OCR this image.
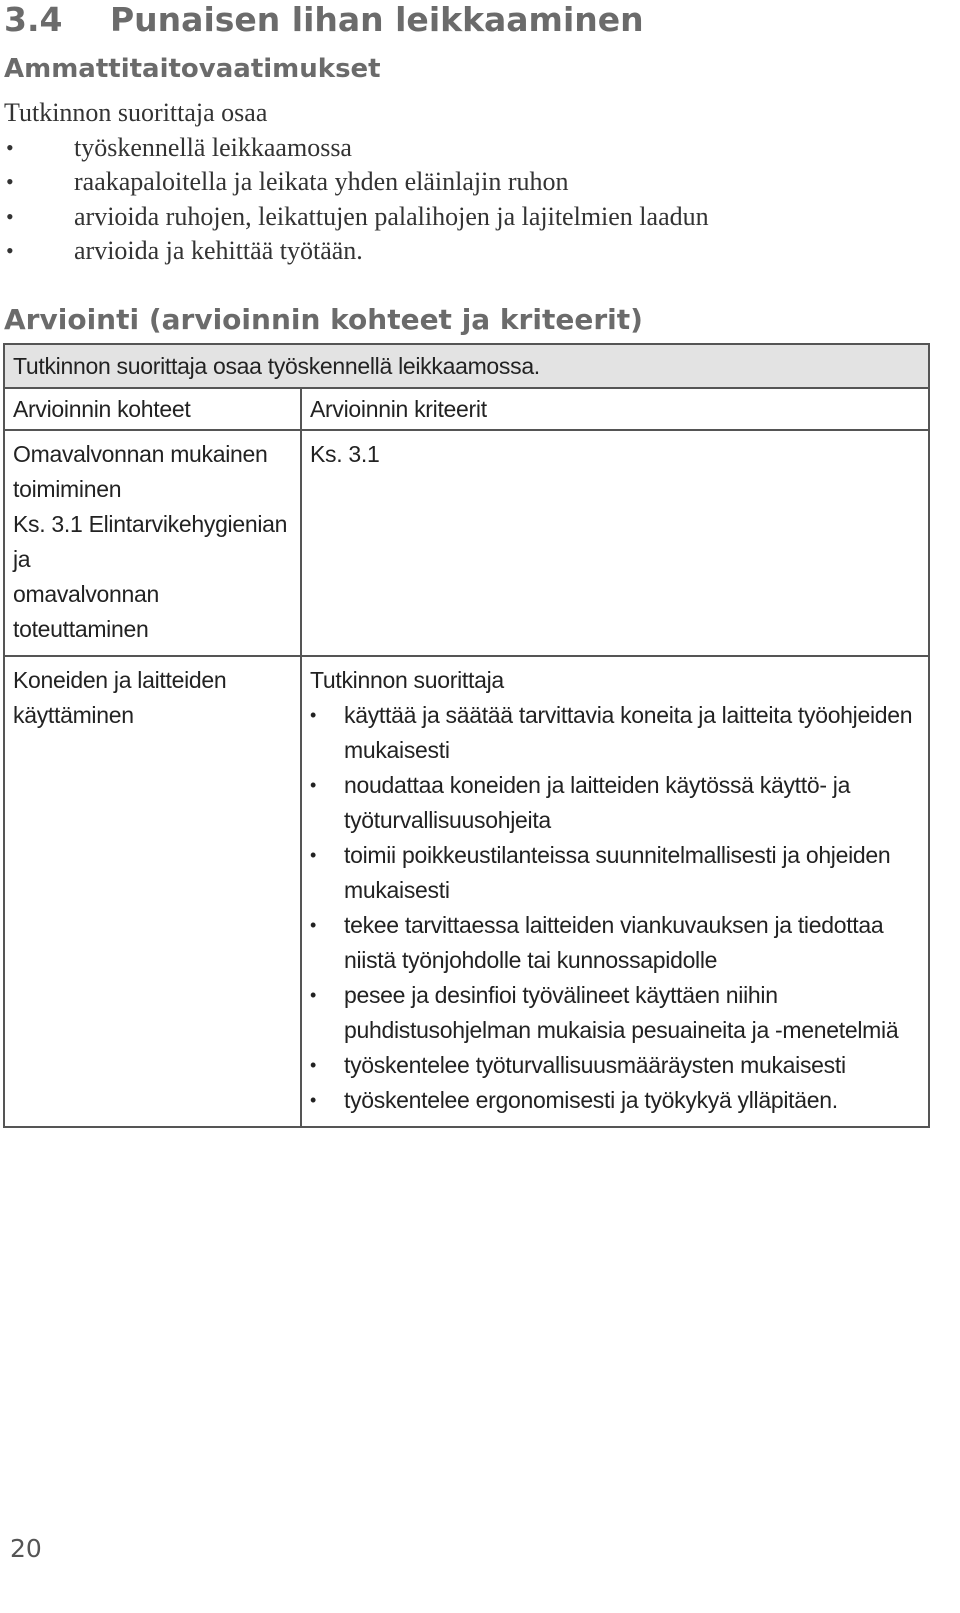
3.4 Punaisen lihan leikkaaminen
Ammattitaitovaatimukset
Tutkinnon suorittaja osaa
• työskennellä leikkaamossa
• raakapaloitella ja leikata yhden eläinlajin ruhon
• arvioida ruhojen, leikattujen palalihojen ja lajitelmien laadun
• arvioida ja kehittää työtään.
Arviointi (arvioinnin kohteet ja kriteerit)
Tutkinnon suorittaja osaa työskennellä leikkaamossa.
Arvioinnin kohteet	Arvioinnin kriteerit
Omavalvonnan mukainen
toimiminen
Ks. 3.1 Elintarvikehygienian ja
omavalvonnan toteuttaminen
Ks. 3.1
Koneiden ja laitteiden
käyttäminen
Tutkinnon suorittaja
• käyttää ja säätää tarvittavia koneita ja laitteita työohjeiden mukaisesti
• noudattaa koneiden ja laitteiden käytössä käyttö- ja työturvallisuusohjeita
• toimii poikkeustilanteissa suunnitelmallisesti ja ohjeiden mukaisesti
• tekee tarvittaessa laitteiden viankuvauksen ja tiedottaa niistä työnjohdolle tai kunnossapidolle
• pesee ja desinfioi työvälineet käyttäen niihin puhdistusohjelman mukaisia pesuaineita ja -menetelmiä
• työskentelee työturvallisuusmääräysten mukaisesti
• työskentelee ergonomisesti ja työkykyä ylläpitäen.
20
